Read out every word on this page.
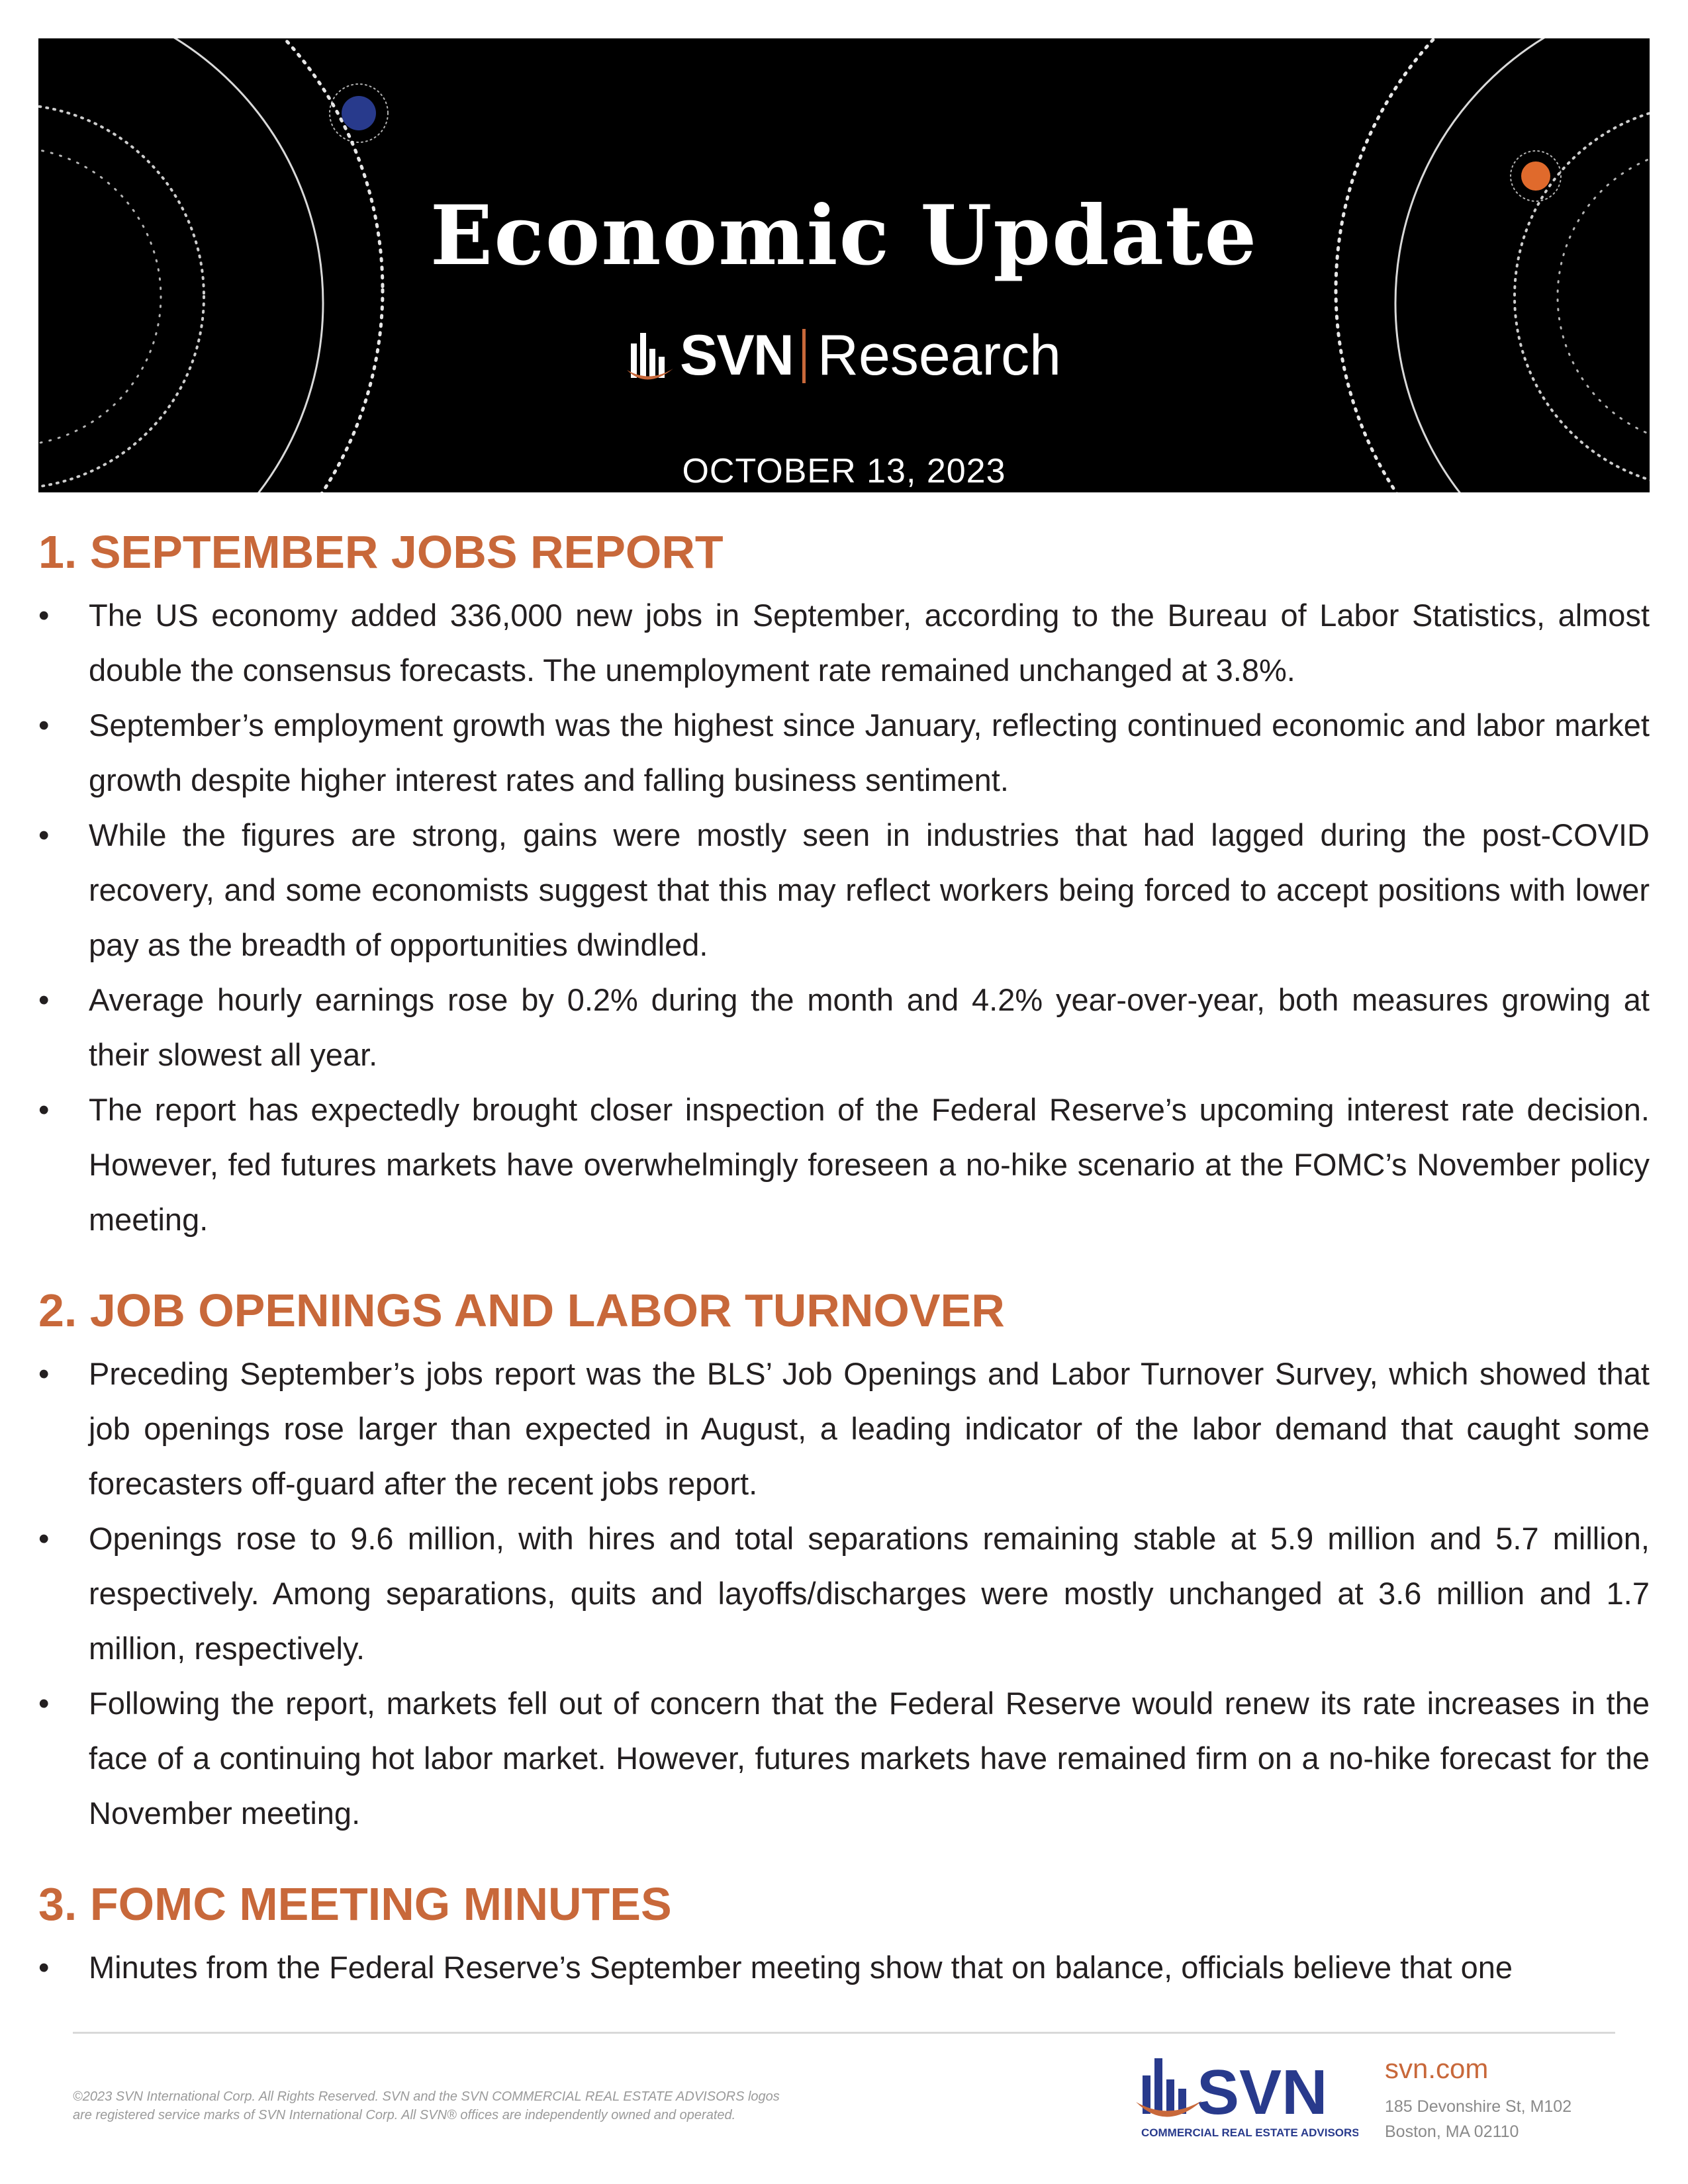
Economic Update
SVN Research
OCTOBER 13, 2023
1. SEPTEMBER JOBS REPORT
•	The US economy added 336,000 new jobs in September, according to the Bureau of Labor Statistics, almost double the consensus forecasts. The unemployment rate remained unchanged at 3.8%.
•	September’s employment growth was the highest since January, reflecting continued economic and labor market growth despite higher interest rates and falling business sentiment.
•	While the figures are strong, gains were mostly seen in industries that had lagged during the post-COVID recovery, and some economists suggest that this may reflect workers being forced to accept positions with lower pay as the breadth of opportunities dwindled.
•	Average hourly earnings rose by 0.2% during the month and 4.2% year-over-year, both measures growing at their slowest all year.
•	The report has expectedly brought closer inspection of the Federal Reserve’s upcoming interest rate decision. However, fed futures markets have overwhelmingly foreseen a no-hike scenario at the FOMC’s November policy meeting.
2. JOB OPENINGS AND LABOR TURNOVER
•	Preceding September’s jobs report was the BLS’ Job Openings and Labor Turnover Survey, which showed that job openings rose larger than expected in August, a leading indicator of the labor demand that caught some forecasters off-guard after the recent jobs report.
•	Openings rose to 9.6 million, with hires and total separations remaining stable at 5.9 million and 5.7 million, respectively. Among separations, quits and layoffs/discharges were mostly unchanged at 3.6 million and 1.7 million, respectively.
•	Following the report, markets fell out of concern that the Federal Reserve would renew its rate increases in the face of a continuing hot labor market. However, futures markets have remained firm on a no-hike forecast for the November meeting.
3. FOMC MEETING MINUTES
•	Minutes from the Federal Reserve’s September meeting show that on balance, officials believe that one
©2023 SVN International Corp. All Rights Reserved. SVN and the SVN COMMERCIAL REAL ESTATE ADVISORS logos
are registered service marks of SVN International Corp. All SVN® offices are independently owned and operated.	SVN
COMMERCIAL REAL ESTATE ADVISORS
svn.com
185 Devonshire St, M102
Boston, MA 02110
